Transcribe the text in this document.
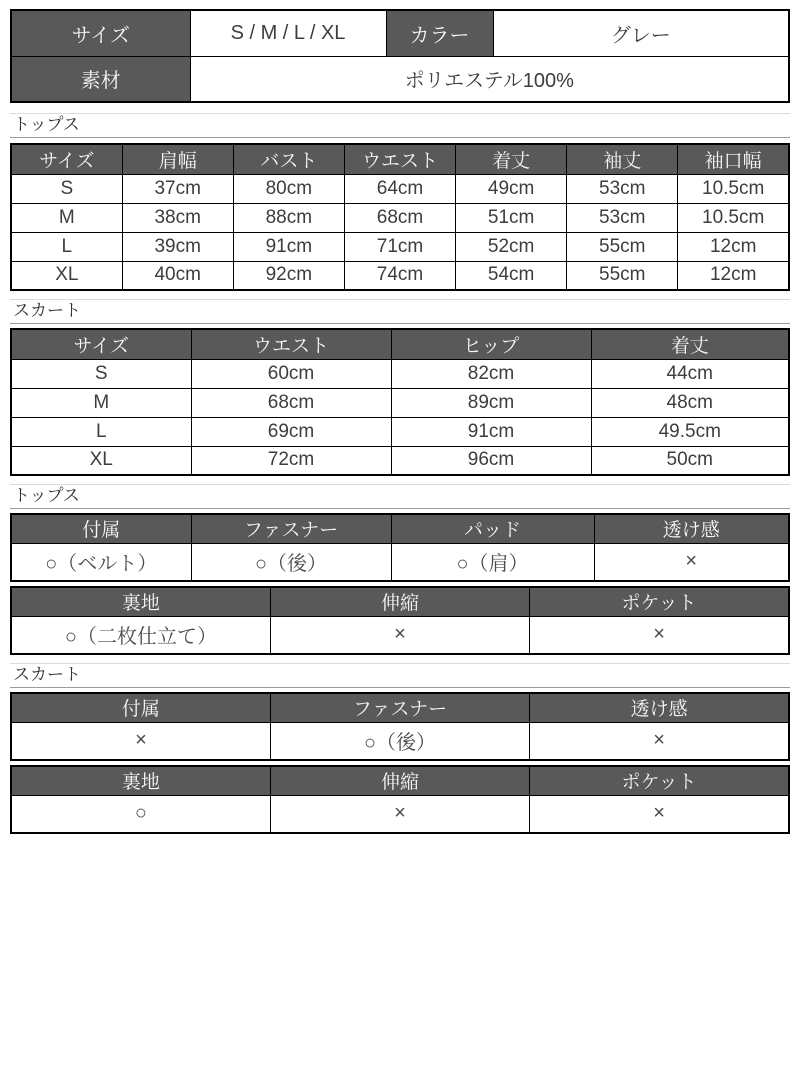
サイズ	S / M / L / XL	カラー	グレー
素材	ポリエステル100%		
トップス
サイズ	肩幅	バスト	ウエスト	着丈	袖丈	袖口幅
S	37cm	80cm	64cm	49cm	53cm	10.5cm
M	38cm	88cm	68cm	51cm	53cm	10.5cm
L	39cm	91cm	71cm	52cm	55cm	12cm
XL	40cm	92cm	74cm	54cm	55cm	12cm
スカート
サイズ	ウエスト	ヒップ	着丈
S	60cm	82cm	44cm
M	68cm	89cm	48cm
L	69cm	91cm	49.5cm
XL	72cm	96cm	50cm
トップス
付属	ファスナー	パッド	透け感
○（ベルト）	○（後）	○（肩）	×
裏地	伸縮	ポケット
○（二枚仕立て）	×	×
スカート
付属	ファスナー	透け感
×	○（後）	×
裏地	伸縮	ポケット
○	×	×
